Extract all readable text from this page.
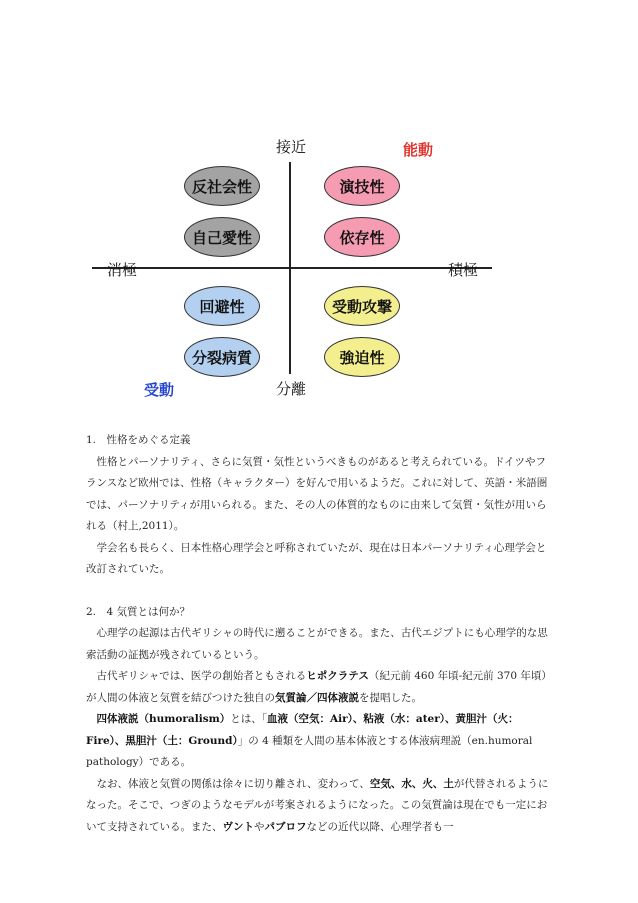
接近
分離
消極	積極
能動
受動
反社会性
自己愛性
演技性
依存性
回避性
分裂病質
受動攻撃
強迫性

1.　性格をめぐる定義

　性格とパーソナリティ、さらに気質・気性というべきものがあると考えられている。ドイツやフランスなど欧州では、性格（キャラクター）を好んで用いるようだ。これに対して、英語・米語圏では、パーソナリティが用いられる。また、その人の体質的なものに由来して気質・気性が用いられる（村上,2011）。

　学会名も長らく、日本性格心理学会と呼称されていたが、現在は日本パーソナリティ心理学会と改訂されていた。

2.　4 気質とは何か？

　心理学の起源は古代ギリシャの時代に遡ることができる。また、古代エジプトにも心理学的な思索活動の証拠が残されているという。

　古代ギリシャでは、医学の創始者ともされるヒポクラテス（紀元前 460 年頃-紀元前 370 年頃）が人間の体液と気質を結びつけた独自の気質論／四体液説を提唱した。

　四体液説（humoralism）とは、「血液（空気：Air）、粘液（水：ater）、黄胆汁（火：Fire）、黒胆汁（土：Ground）」の 4 種類を人間の基本体液とする体液病理説（en.humoral pathology）である。

　なお、体液と気質の関係は徐々に切り離され、変わって、空気、水、火、土が代替されるようになった。そこで、つぎのようなモデルが考案されるようになった。この気質論は現在でも一定において支持されている。また、ヴントやパブロフなどの近代以降、心理学者も一
